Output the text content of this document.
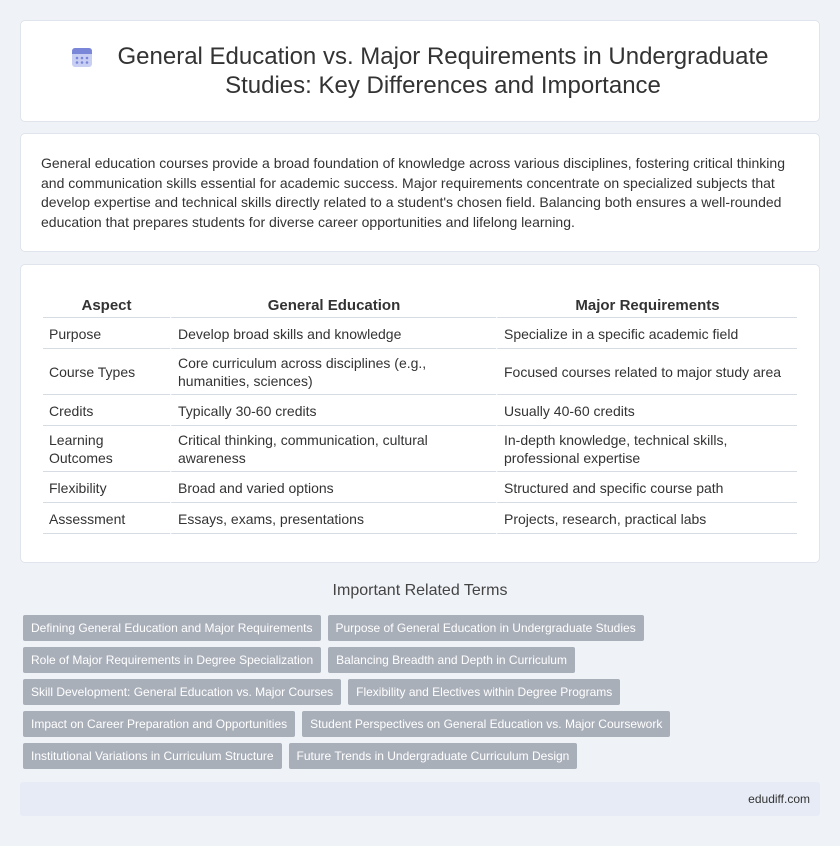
General Education vs. Major Requirements in Undergraduate Studies: Key Differences and Importance

General education courses provide a broad foundation of knowledge across various disciplines, fostering critical thinking and communication skills essential for academic success. Major requirements concentrate on specialized subjects that develop expertise and technical skills directly related to a student's chosen field. Balancing both ensures a well-rounded education that prepares students for diverse career opportunities and lifelong learning.

Aspect	General Education	Major Requirements
Purpose	Develop broad skills and knowledge	Specialize in a specific academic field
Course Types	Core curriculum across disciplines (e.g., humanities, sciences)	Focused courses related to major study area
Credits	Typically 30-60 credits	Usually 40-60 credits
Learning Outcomes	Critical thinking, communication, cultural awareness	In-depth knowledge, technical skills, professional expertise
Flexibility	Broad and varied options	Structured and specific course path
Assessment	Essays, exams, presentations	Projects, research, practical labs
Important Related Terms
Defining General Education and Major Requirements	Purpose of General Education in Undergraduate Studies
Role of Major Requirements in Degree Specialization	Balancing Breadth and Depth in Curriculum
Skill Development: General Education vs. Major Courses	Flexibility and Electives within Degree Programs
Impact on Career Preparation and Opportunities	Student Perspectives on General Education vs. Major Coursework
Institutional Variations in Curriculum Structure	Future Trends in Undergraduate Curriculum Design
edudiff.com
